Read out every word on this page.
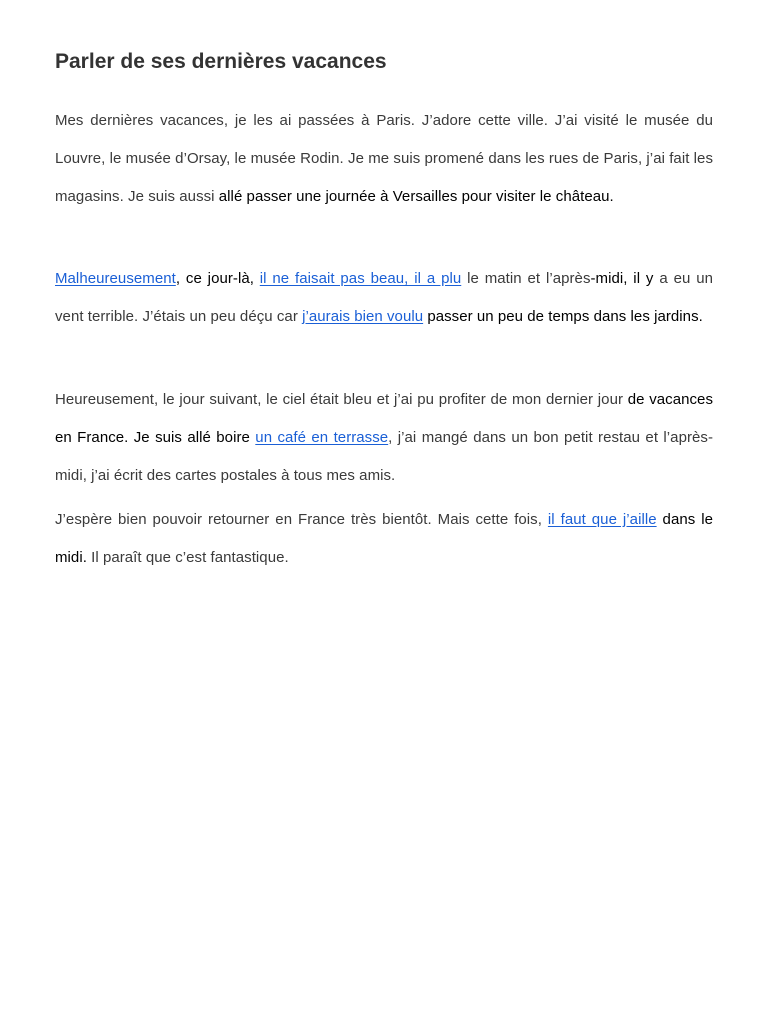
Parler de ses dernières vacances

Mes dernières vacances, je les ai passées à Paris. J’adore cette ville. J’ai visité le musée du Louvre, le musée d’Orsay, le musée Rodin. Je me suis promené dans les rues de Paris, j’ai fait les magasins. Je suis aussi allé passer une journée à Versailles pour visiter le château.

Malheureusement, ce jour-là, il ne faisait pas beau, il a plu le matin et l’après-midi, il y a eu un vent terrible. J’étais un peu déçu car j’aurais bien voulu passer un peu de temps dans les jardins.

Heureusement, le jour suivant, le ciel était bleu et j’ai pu profiter de mon dernier jour de vacances en France. Je suis allé boire un café en terrasse, j’ai mangé dans un bon petit restau et l’après-midi, j’ai écrit des cartes postales à tous mes amis.

J’espère bien pouvoir retourner en France très bientôt. Mais cette fois, il faut que j’aille dans le midi. Il paraît que c’est fantastique.
